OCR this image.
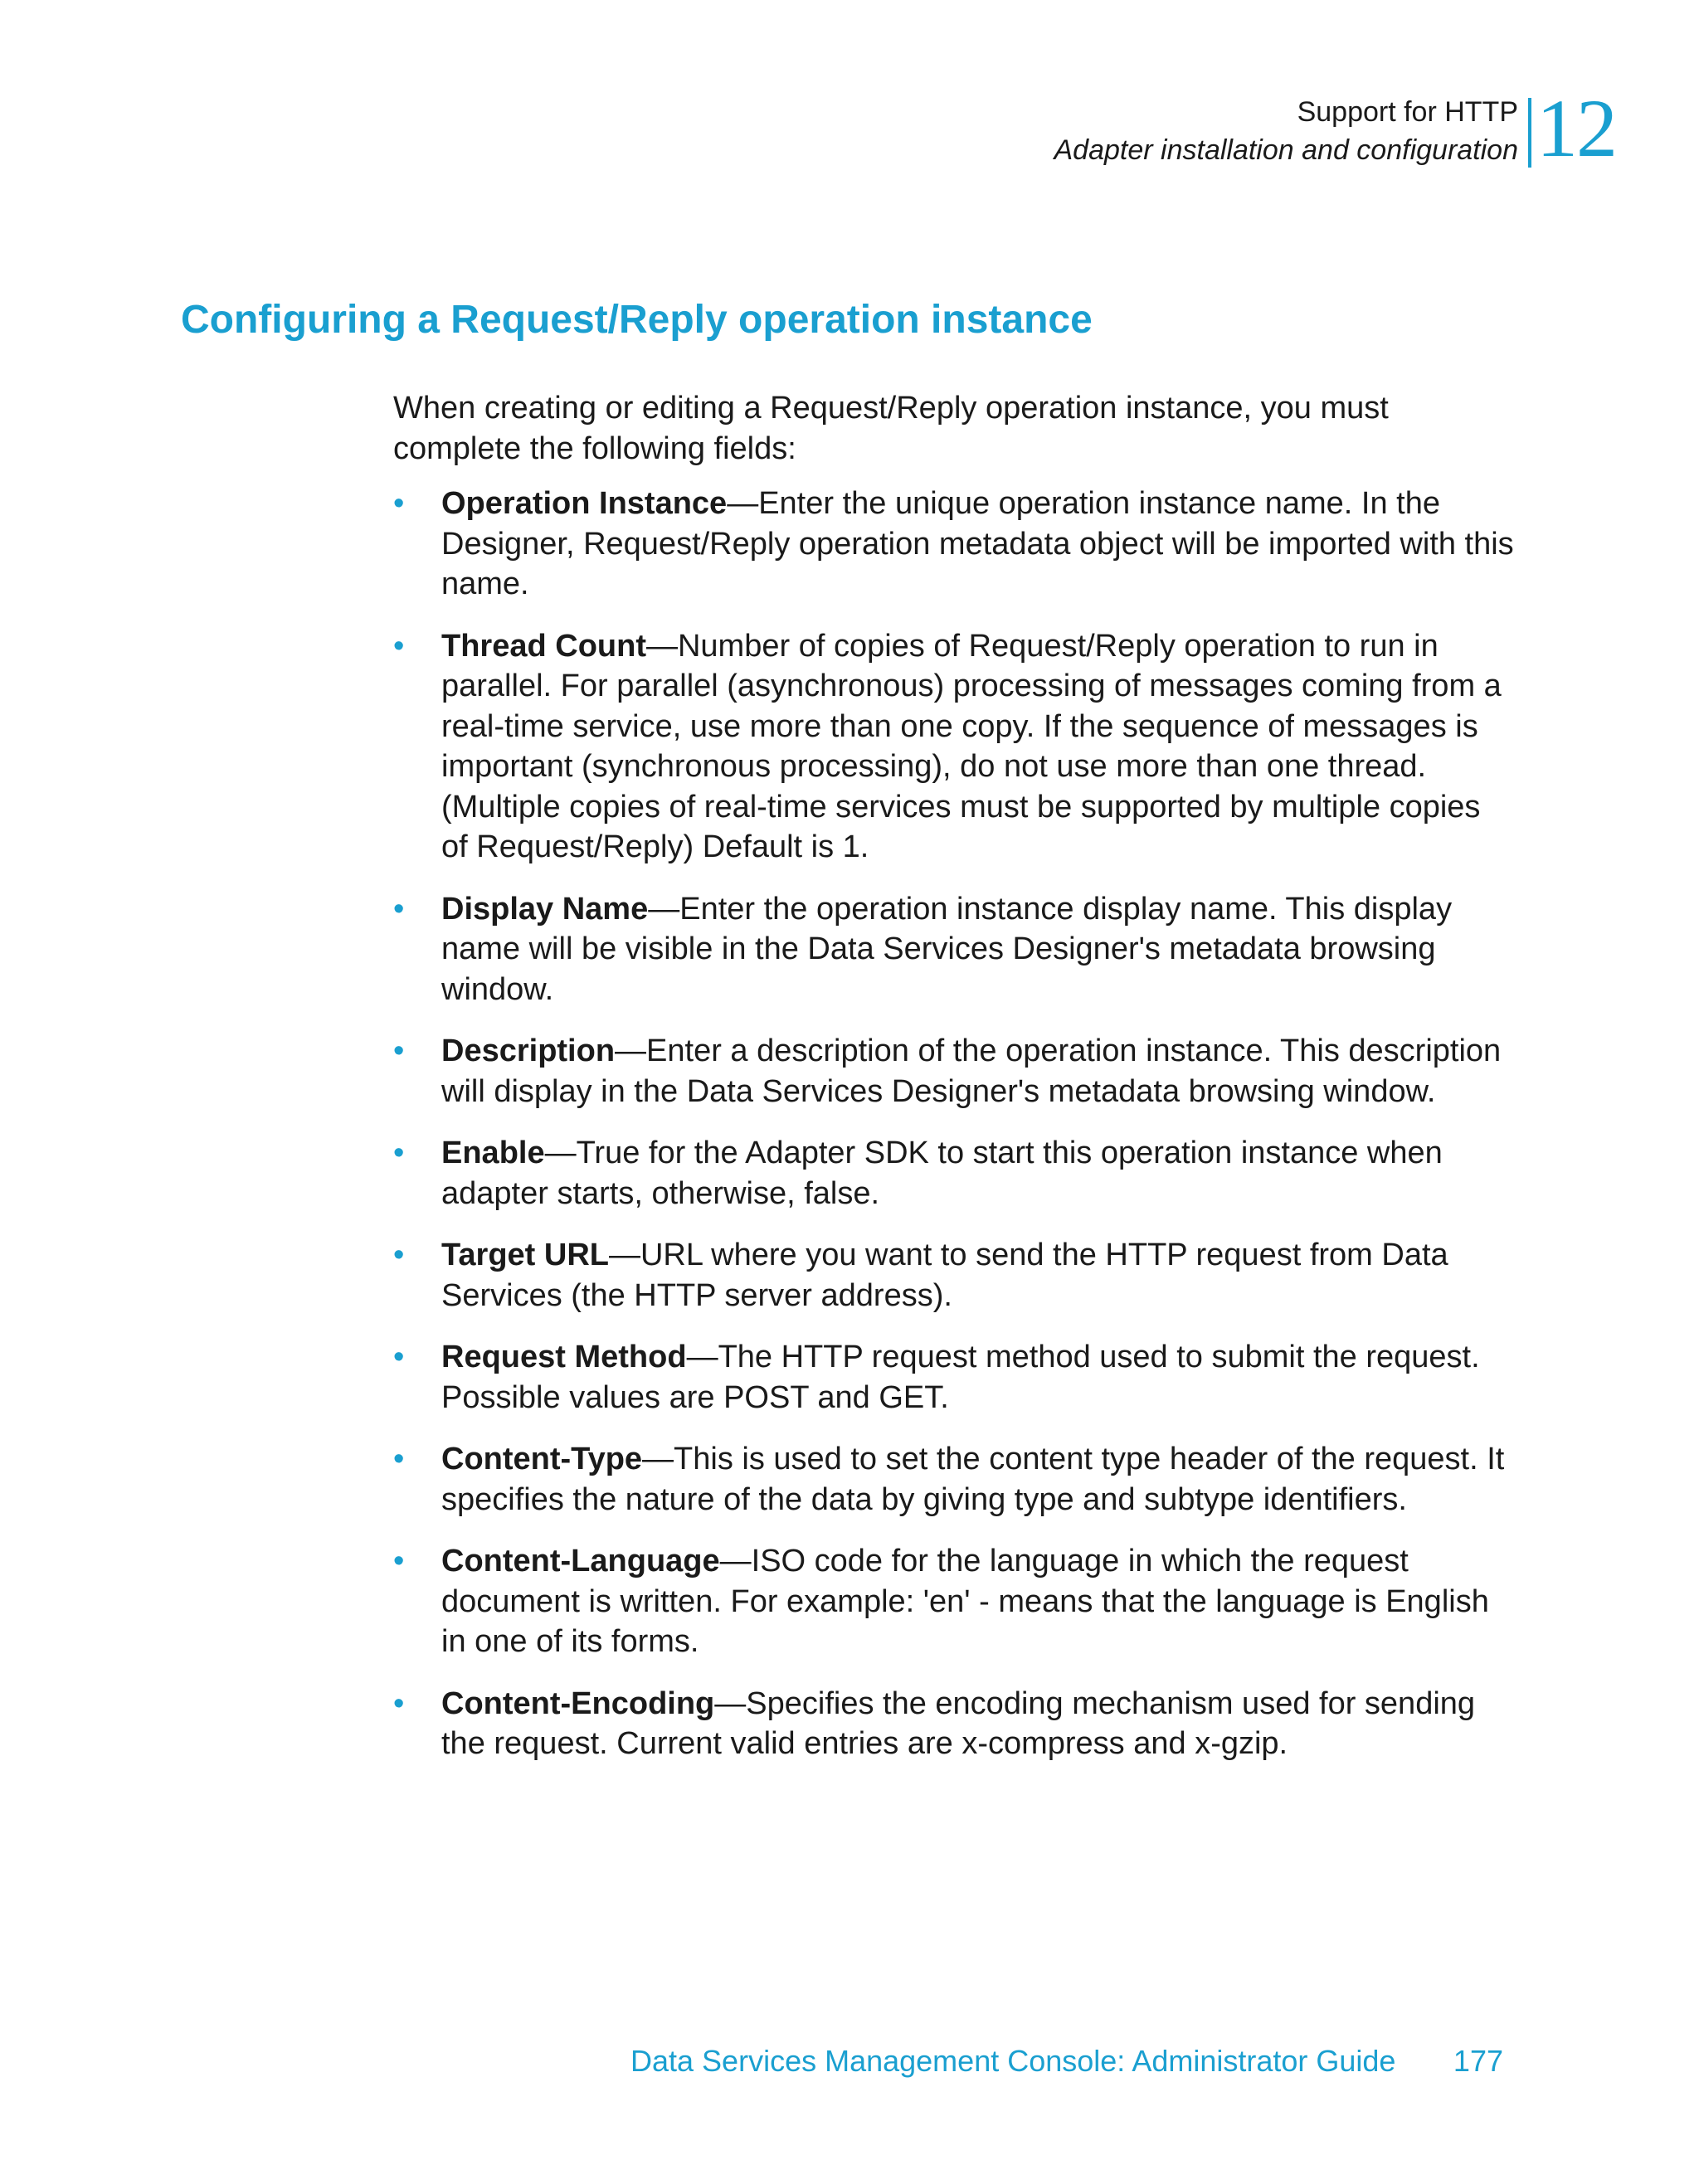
Support for HTTP
Adapter installation and configuration 12
Configuring a Request/Reply operation instance

When creating or editing a Request/Reply operation instance, you must complete the following fields:

• Operation Instance—Enter the unique operation instance name. In the Designer, Request/Reply operation metadata object will be imported with this name.
• Thread Count—Number of copies of Request/Reply operation to run in parallel. For parallel (asynchronous) processing of messages coming from a real-time service, use more than one copy. If the sequence of messages is important (synchronous processing), do not use more than one thread. (Multiple copies of real-time services must be supported by multiple copies of Request/Reply) Default is 1.
• Display Name—Enter the operation instance display name. This display name will be visible in the Data Services Designer's metadata browsing window.
• Description—Enter a description of the operation instance. This description will display in the Data Services Designer's metadata browsing window.
• Enable—True for the Adapter SDK to start this operation instance when adapter starts, otherwise, false.
• Target URL—URL where you want to send the HTTP request from Data Services (the HTTP server address).
• Request Method—The HTTP request method used to submit the request. Possible values are POST and GET.
• Content-Type—This is used to set the content type header of the request. It specifies the nature of the data by giving type and subtype identifiers.
• Content-Language—ISO code for the language in which the request document is written. For example: 'en' - means that the language is English in one of its forms.
• Content-Encoding—Specifies the encoding mechanism used for sending the request. Current valid entries are x-compress and x-gzip.
Data Services Management Console: Administrator Guide 177
